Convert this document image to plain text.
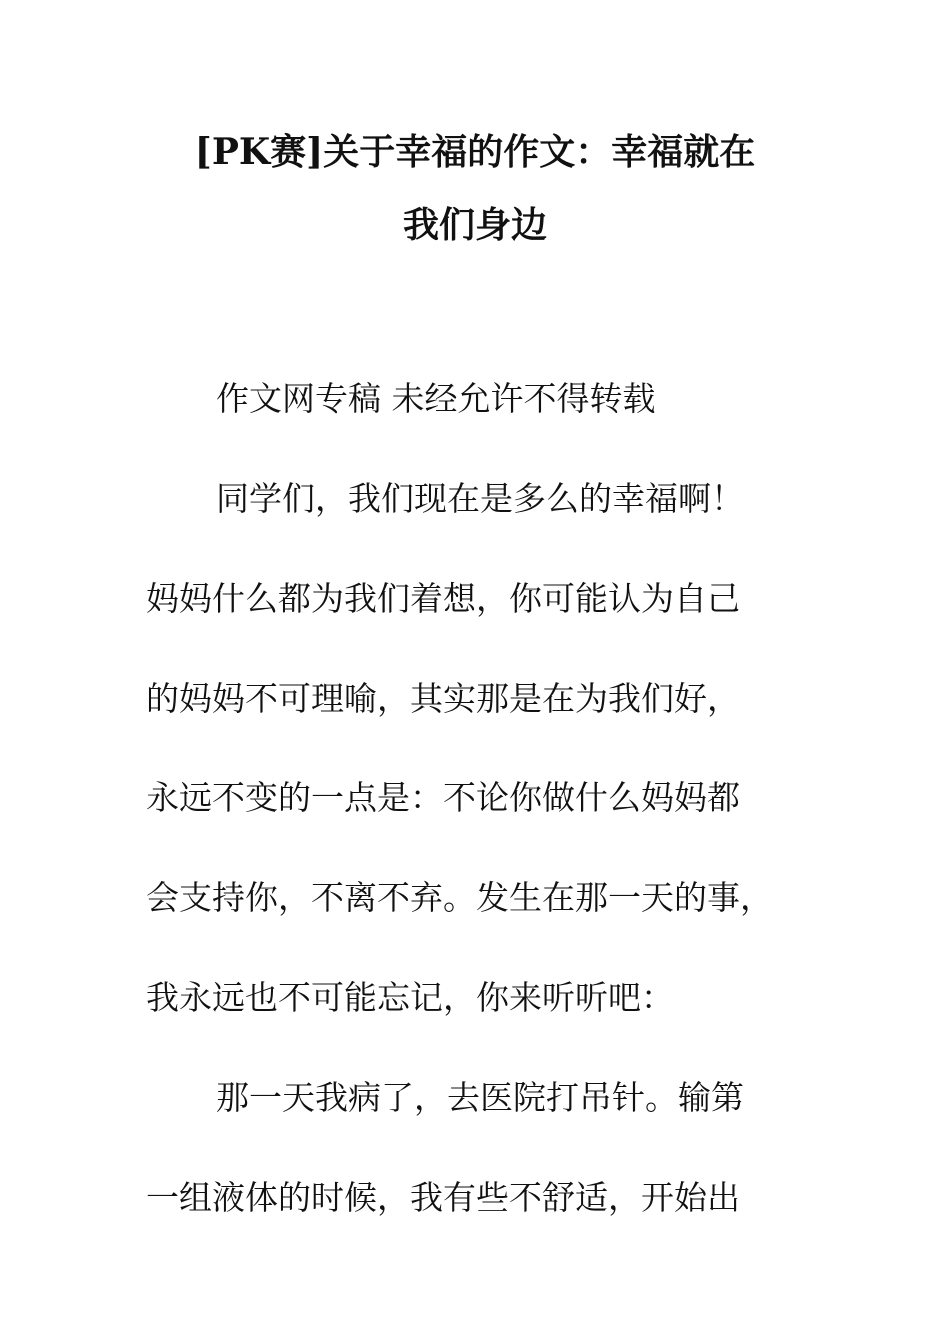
[PK赛]关于幸福的作文：幸福就在
我们身边
作文网专稿 未经允许不得转载
同学们，我们现在是多么的幸福啊！
妈妈什么都为我们着想，你可能认为自己
的妈妈不可理喻，其实那是在为我们好，
永远不变的一点是：不论你做什么妈妈都
会支持你，不离不弃。发生在那一天的事，
我永远也不可能忘记，你来听听吧：
那一天我病了，去医院打吊针。输第
一组液体的时候，我有些不舒适，开始出
